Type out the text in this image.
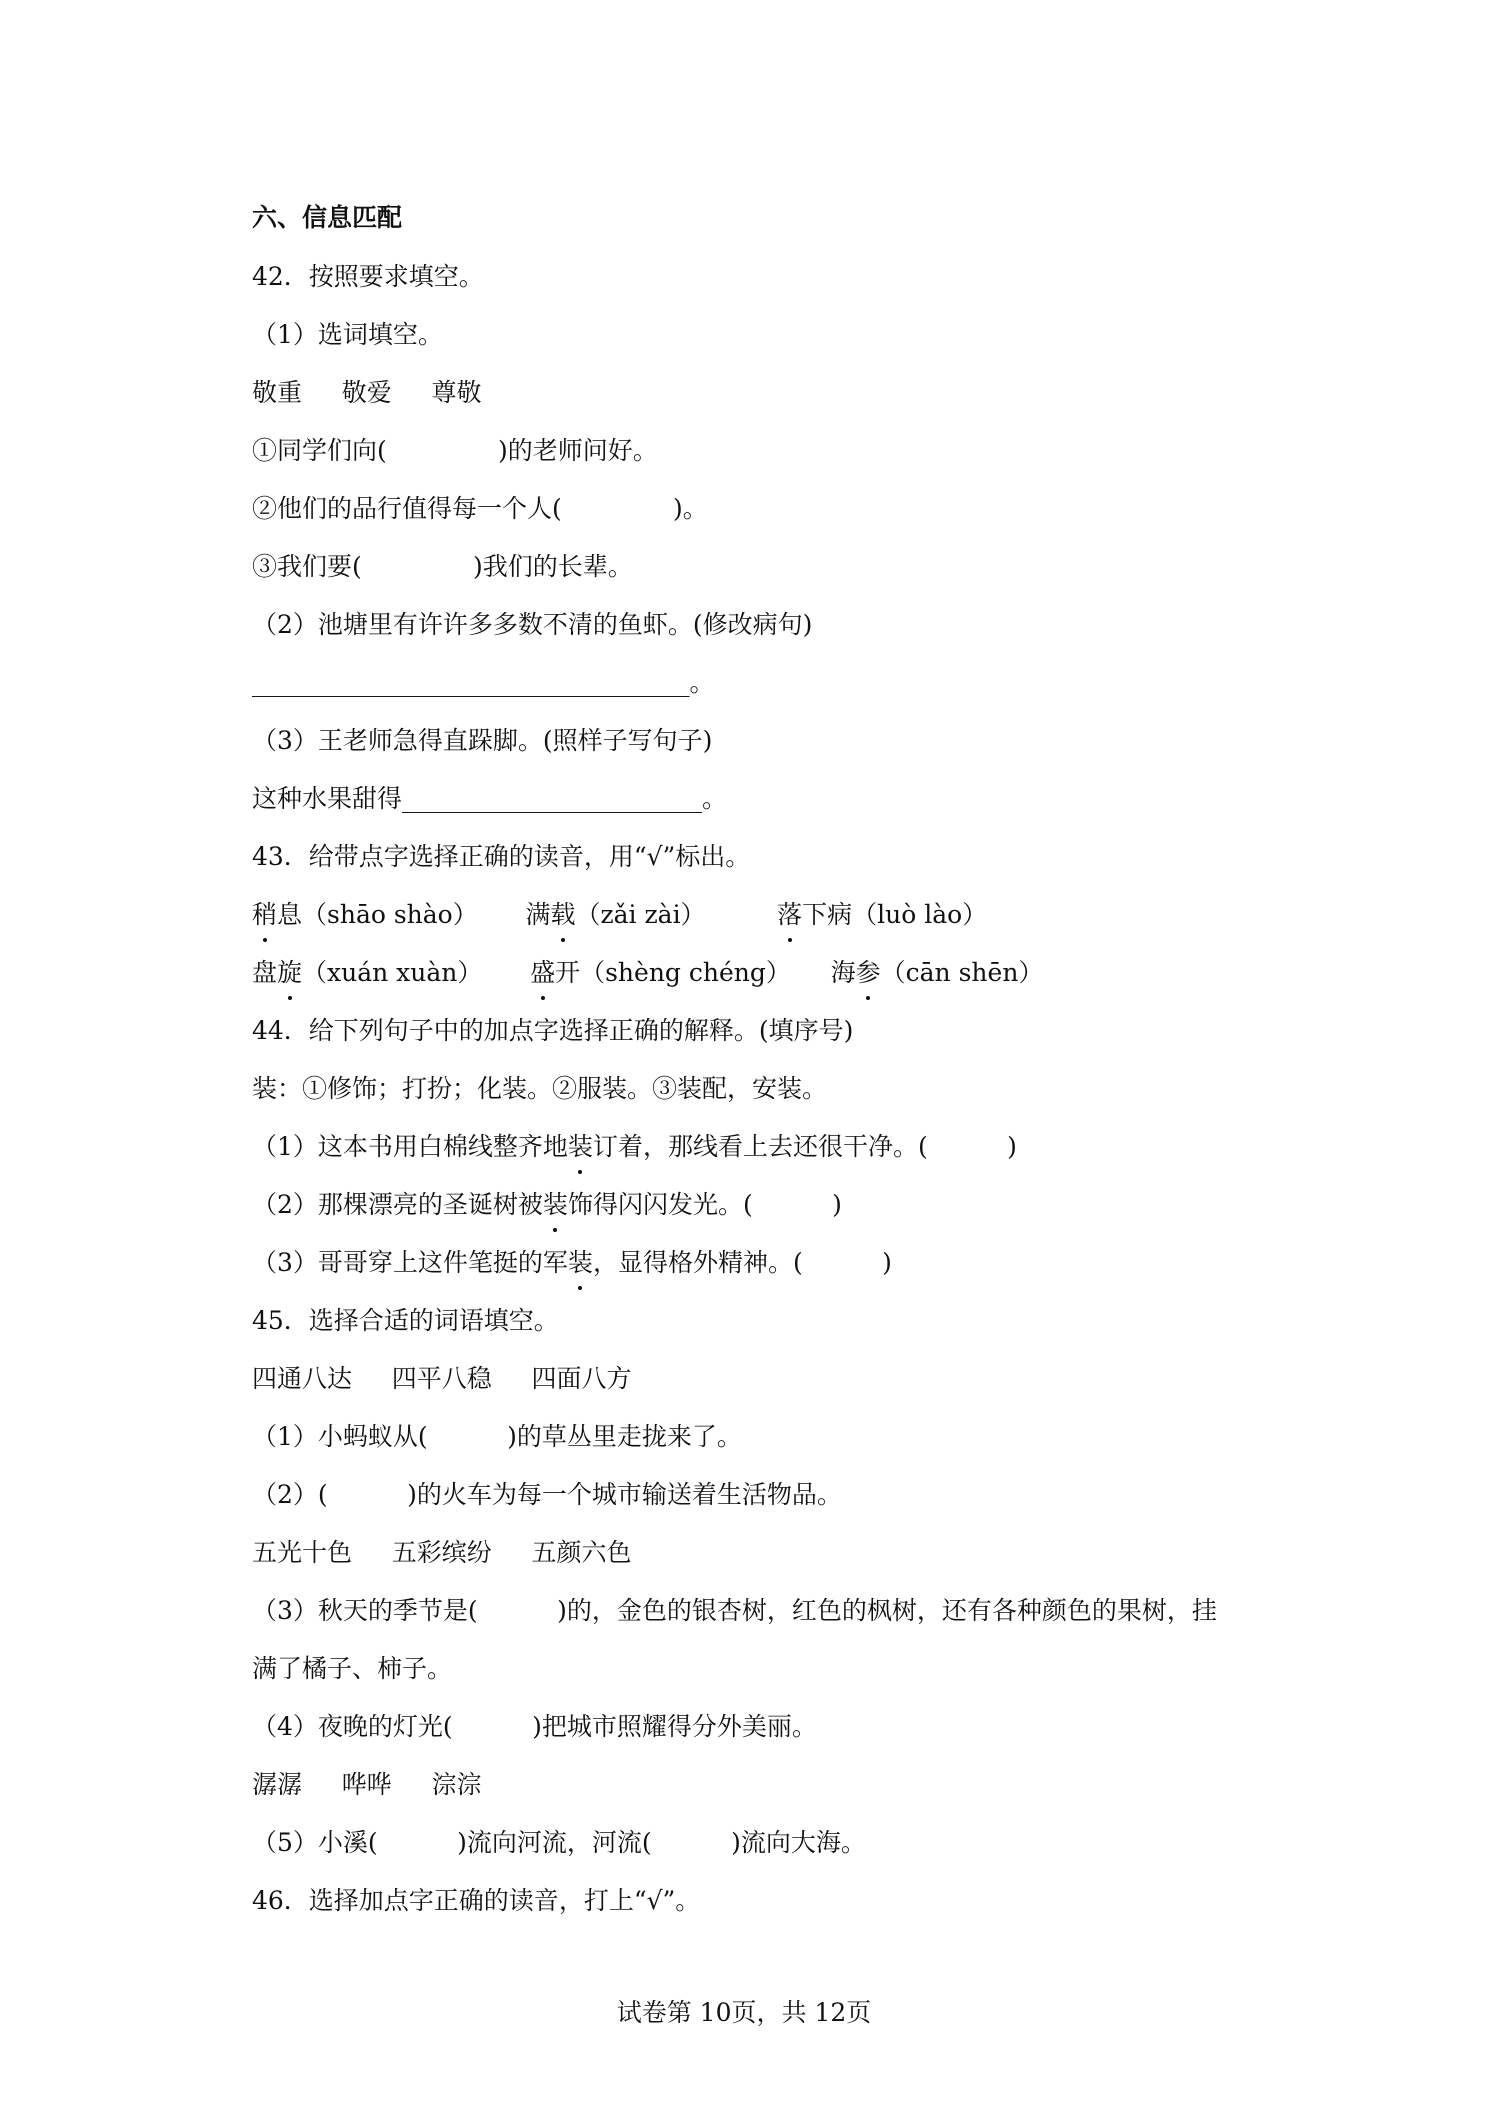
六、信息匹配
42．按照要求填空。
（1）选词填空。
敬重     敬爱     尊敬
①同学们向(              )的老师问好。
②他们的品行值得每一个人(              )。
③我们要(              )我们的长辈。
（2）池塘里有许许多多数不清的鱼虾。(修改病句)
___________________________________。
（3）王老师急得直跺脚。(照样子写句子)
这种水果甜得________________________。
43．给带点字选择正确的读音，用“√”标出。
稍息（shāo shào） 满载（zǎi zài）	落下病（luò lào）
盘旋（xuán xuàn） 盛开（shèng chéng） 海参（cān shēn）
44．给下列句子中的加点字选择正确的解释。(填序号)
装：①修饰；打扮；化装。②服装。③装配，安装。
（1）这本书用白棉线整齐地装订着，那线看上去还很干净。(          )
（2）那棵漂亮的圣诞树被装饰得闪闪发光。(          )
（3）哥哥穿上这件笔挺的军装，显得格外精神。(          )
45．选择合适的词语填空。
四通八达     四平八稳     四面八方
（1）小蚂蚁从(          )的草丛里走拢来了。
（2）(          )的火车为每一个城市输送着生活物品。
五光十色     五彩缤纷     五颜六色
（3）秋天的季节是(          )的，金色的银杏树，红色的枫树，还有各种颜色的果树，挂
满了橘子、柿子。
（4）夜晚的灯光(          )把城市照耀得分外美丽。
潺潺     哗哗     淙淙
（5）小溪(          )流向河流，河流(          )流向大海。
46．选择加点字正确的读音，打上“√”。
试卷第 10页，共 12页
